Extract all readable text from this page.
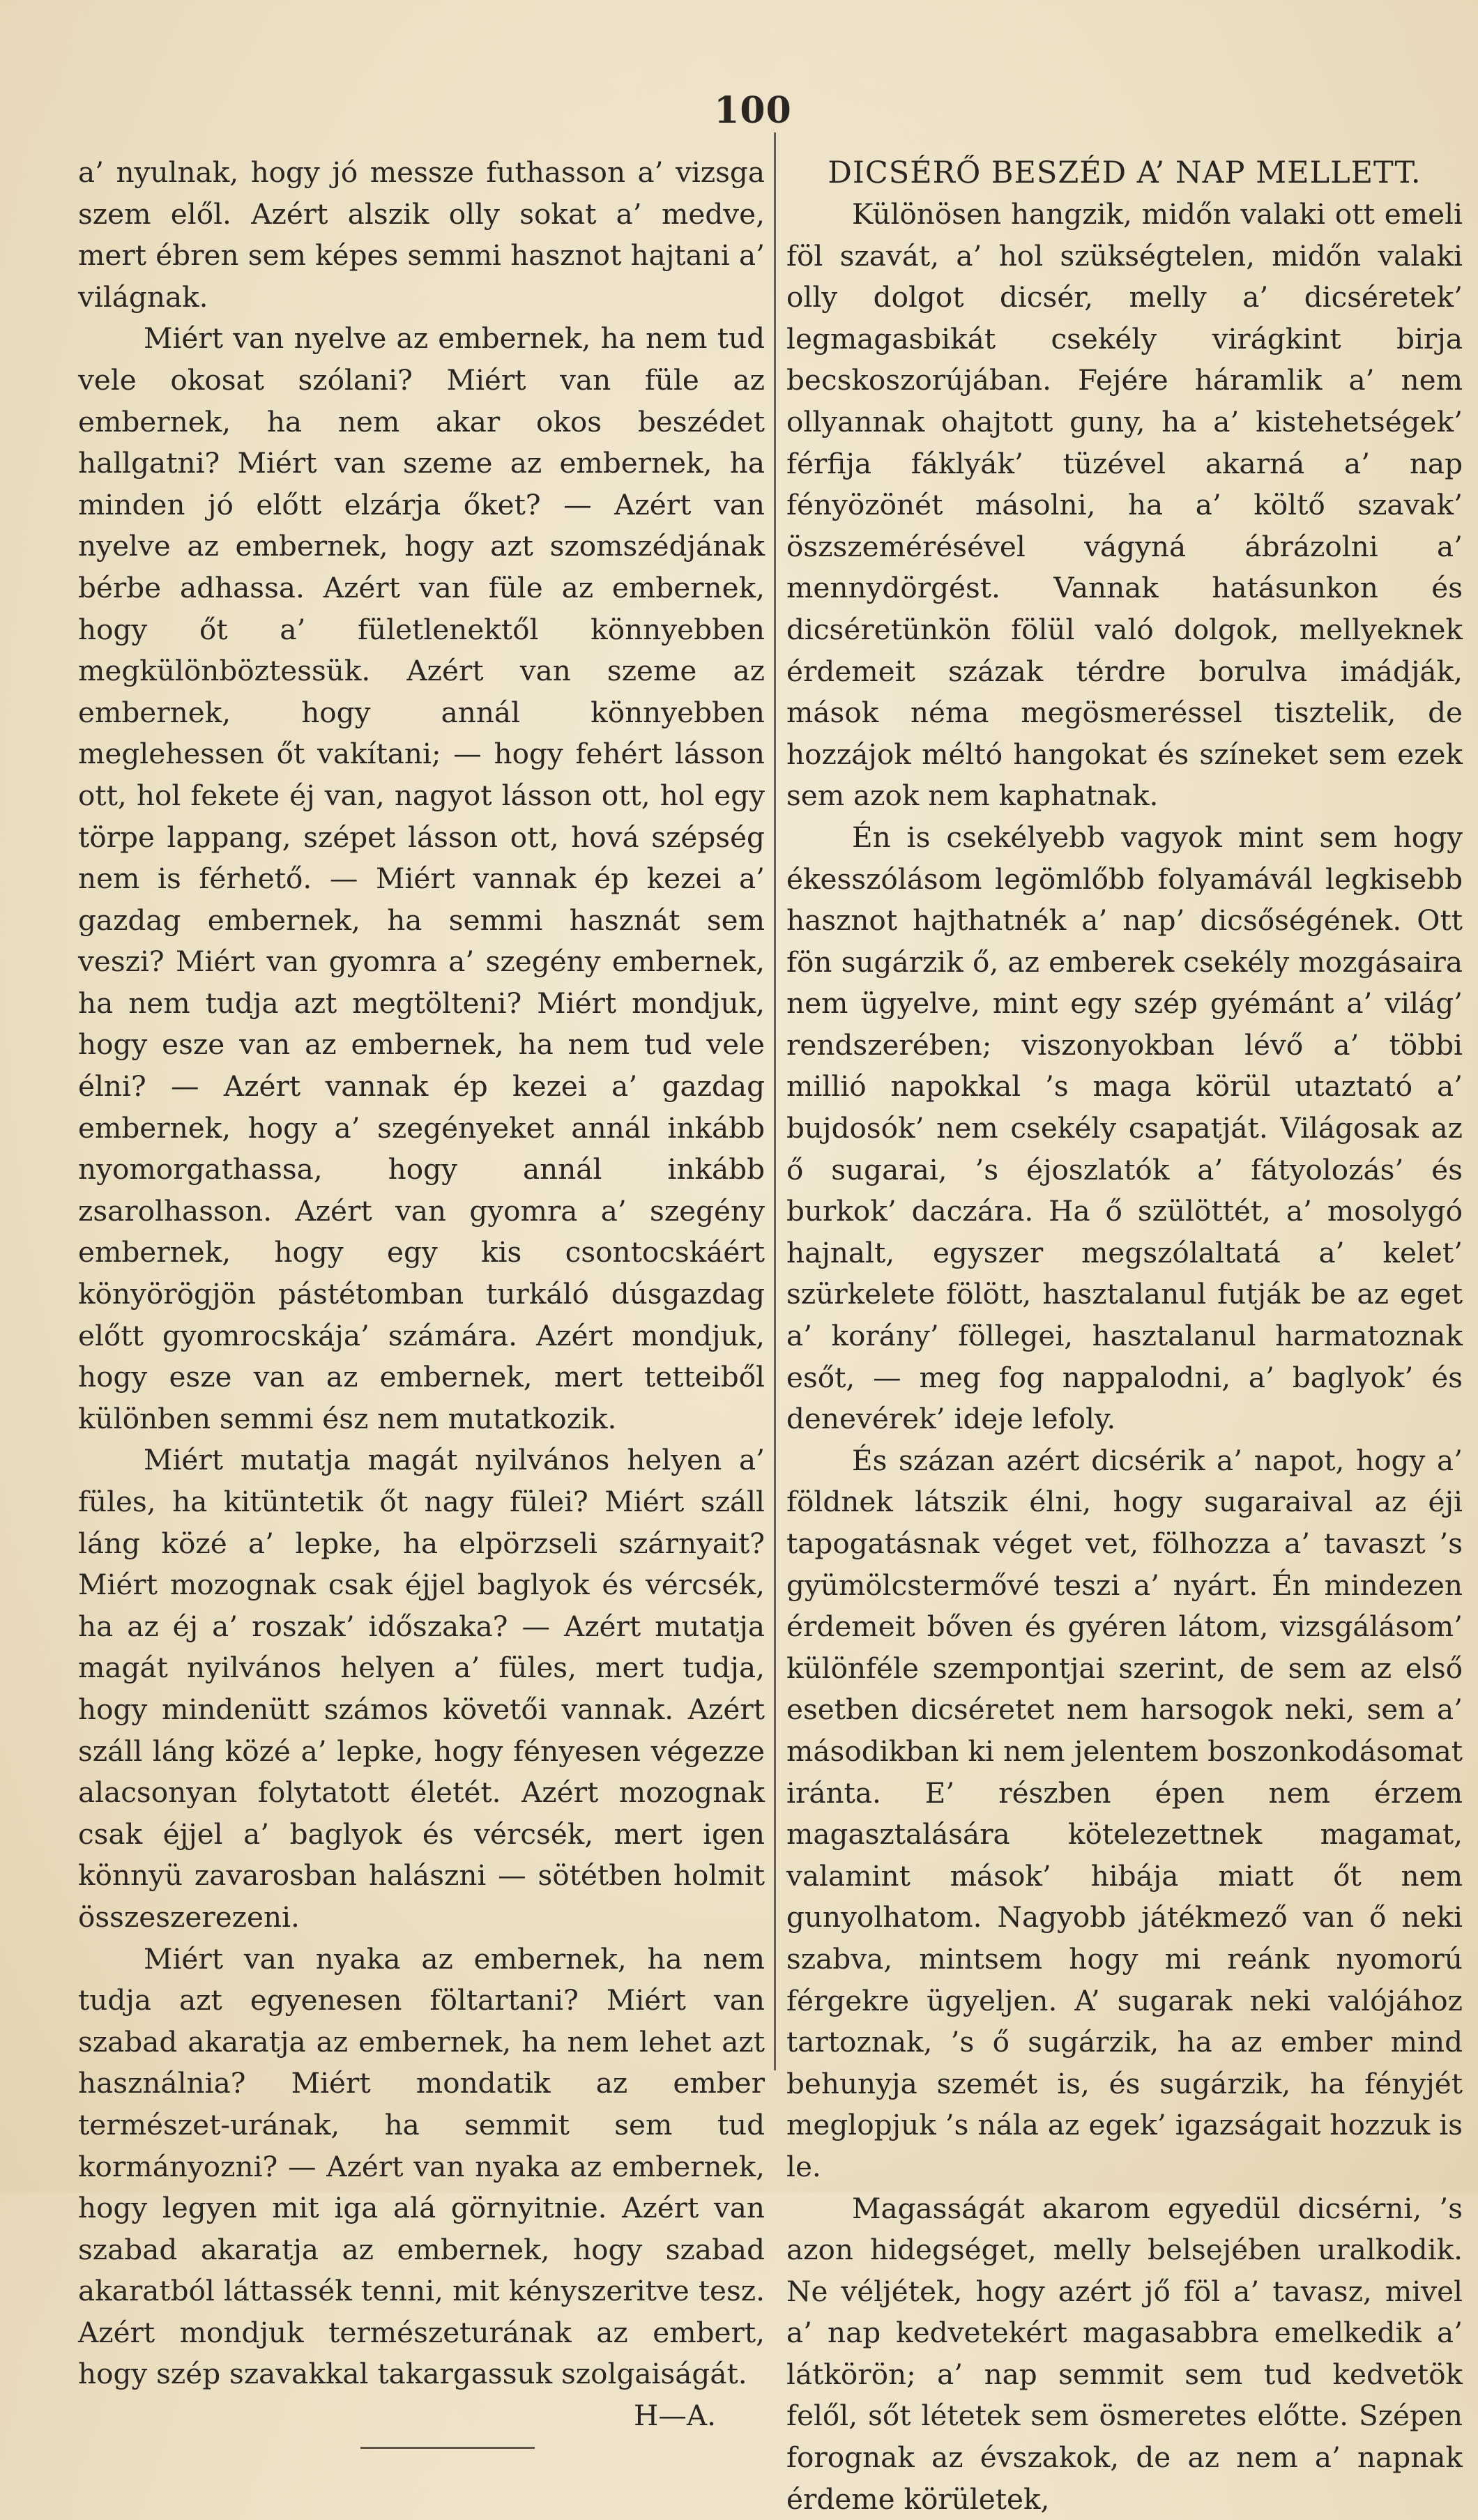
100

a’ nyulnak, hogy jó messze futhasson a’ vizsga szem elől. Azért alszik olly sokat a’ medve, mert ébren sem képes semmi hasznot hajtani a’ világnak.

Miért van nyelve az embernek, ha nem tud vele okosat szólani? Miért van füle az embernek, ha nem akar okos beszédet hallgatni? Miért van szeme az embernek, ha minden jó előtt elzárja őket? — Azért van nyelve az embernek, hogy azt szomszédjának bérbe adhassa. Azért van füle az embernek, hogy őt a’ fületlenektől könnyebben megkülönböztessük. Azért van szeme az embernek, hogy annál könnyebben meglehessen őt vakítani; — hogy fehért lásson ott, hol fekete éj van, nagyot lásson ott, hol egy törpe lappang, szépet lásson ott, hová szépség nem is férhető. — Miért vannak ép kezei a’ gazdag embernek, ha semmi hasznát sem veszi? Miért van gyomra a’ szegény embernek, ha nem tudja azt megtölteni? Miért mondjuk, hogy esze van az embernek, ha nem tud vele élni? — Azért vannak ép kezei a’ gazdag embernek, hogy a’ szegényeket annál inkább nyomorgathassa, hogy annál inkább zsarolhasson. Azért van gyomra a’ szegény embernek, hogy egy kis csontocskáért könyörögjön pástétomban turkáló dúsgazdag előtt gyomrocskája’ számára. Azért mondjuk, hogy esze van az embernek, mert tetteiből különben semmi ész nem mutatkozik.

Miért mutatja magát nyilvános helyen a’ füles, ha kitüntetik őt nagy fülei? Miért száll láng közé a’ lepke, ha elpörzseli szárnyait? Miért mozognak csak éjjel baglyok és vércsék, ha az éj a’ roszak’ időszaka? — Azért mutatja magát nyilvános helyen a’ füles, mert tudja, hogy mindenütt számos követői vannak. Azért száll láng közé a’ lepke, hogy fényesen végezze alacsonyan folytatott életét. Azért mozognak csak éjjel a’ baglyok és vércsék, mert igen könnyü zavarosban halászni — sötétben holmit összeszerezeni.

Miért van nyaka az embernek, ha nem tudja azt egyenesen föltartani? Miért van szabad akaratja az embernek, ha nem lehet azt használnia? Miért mondatik az ember természet-urának, ha semmit sem tud kormányozni? — Azért van nyaka az embernek, hogy legyen mit iga alá görnyitnie. Azért van szabad akaratja az embernek, hogy szabad akaratból láttassék tenni, mit kényszeritve tesz. Azért mondjuk természeturának az embert, hogy szép szavakkal takargassuk szolgaiságát.

H—A.

DICSÉRŐ BESZÉD A’ NAP MELLETT.

Különösen hangzik, midőn valaki ott emeli föl szavát, a’ hol szükségtelen, midőn valaki olly dolgot dicsér, melly a’ dicséretek’ legmagasbikát csekély virágkint birja becskoszorújában. Fejére háramlik a’ nem ollyannak ohajtott guny, ha a’ kistehetségek’ férfija fáklyák’ tüzével akarná a’ nap fényözönét másolni, ha a’ költő szavak’ öszszemérésével vágyná ábrázolni a’ mennydörgést. Vannak hatásunkon és dicséretünkön fölül való dolgok, mellyeknek érdemeit százak térdre borulva imádják, mások néma megösmeréssel tisztelik, de hozzájok méltó hangokat és színeket sem ezek sem azok nem kaphatnak.

Én is csekélyebb vagyok mint sem hogy ékesszólásom legömlőbb folyamávál legkisebb hasznot hajthatnék a’ nap’ dicsőségének. Ott fön sugárzik ő, az emberek csekély mozgásaira nem ügyelve, mint egy szép gyémánt a’ világ’ rendszerében; viszonyokban lévő a’ többi millió napokkal ’s maga körül utaztató a’ bujdosók’ nem csekély csapatját. Világosak az ő sugarai, ’s éjoszlatók a’ fátyolozás’ és burkok’ daczára. Ha ő szülöttét, a’ mosolygó hajnalt, egyszer megszólaltatá a’ kelet’ szürkelete fölött, hasztalanul futják be az eget a’ korány’ föllegei, hasztalanul harmatoznak esőt, — meg fog nappalodni, a’ baglyok’ és denevérek’ ideje lefoly.

És százan azért dicsérik a’ napot, hogy a’ földnek látszik élni, hogy sugaraival az éji tapogatásnak véget vet, fölhozza a’ tavaszt ’s gyümölcstermővé teszi a’ nyárt. Én mindezen érdemeit bőven és gyéren látom, vizsgálásom’ különféle szempontjai szerint, de sem az első esetben dicséretet nem harsogok neki, sem a’ másodikban ki nem jelentem boszonkodásomat iránta. E’ részben épen nem érzem magasztalására kötelezettnek magamat, valamint mások’ hibája miatt őt nem gunyolhatom. Nagyobb játékmező van ő neki szabva, mintsem hogy mi reánk nyomorú férgekre ügyeljen. A’ sugarak neki valójához tartoznak, ’s ő sugárzik, ha az ember mind behunyja szemét is, és sugárzik, ha fényjét meglopjuk ’s nála az egek’ igazságait hozzuk is le.

Magasságát akarom egyedül dicsérni, ’s azon hidegséget, melly belsejében uralkodik. Ne véljétek, hogy azért jő föl a’ tavasz, mivel a’ nap kedvetekért magasabbra emelkedik a’ látkörön; a’ nap semmit sem tud kedvetök felől, sőt létetek sem ösmeretes előtte. Szépen forognak az évszakok, de az nem a’ napnak érdeme körületek,
